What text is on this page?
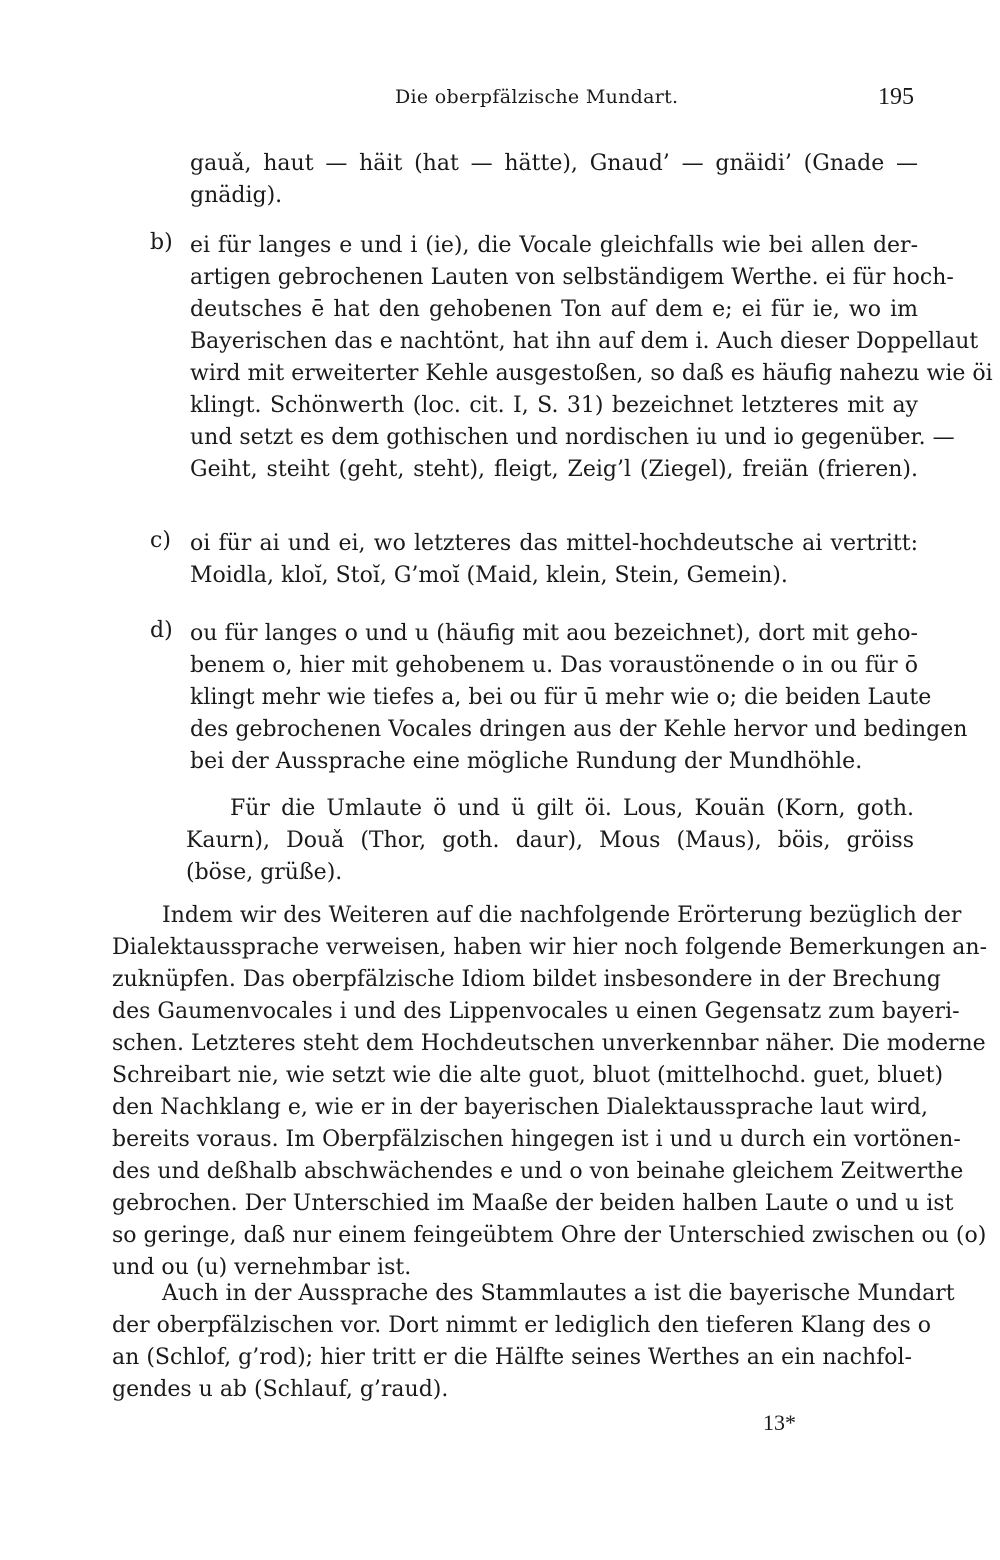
Die oberpfälzische Mundart.	195
gauǎ, haut — häit (hat — hätte), Gnaud’ — gnäidi’ (Gnade —
gnädig).
b) ei für langes e und i (ie), die Vocale gleichfalls wie bei allen der-
artigen gebrochenen Lauten von selbständigem Werthe. ei für hoch-
deutsches ē hat den gehobenen Ton auf dem e; ei für ie, wo im
Bayerischen das e nachtönt, hat ihn auf dem i. Auch dieser Doppellaut
wird mit erweiterter Kehle ausgestoßen, so daß es häufig nahezu wie öi
klingt. Schönwerth (loc. cit. I, S. 31) bezeichnet letzteres mit ay
und setzt es dem gothischen und nordischen iu und io gegenüber. —
Geiht, steiht (geht, steht), fleigt, Zeig’l (Ziegel), freiän (frieren).
c) oi für ai und ei, wo letzteres das mittel-hochdeutsche ai vertritt:
Moidla, kloĭ, Stoĭ, G’moĭ (Maid, klein, Stein, Gemein).
d) ou für langes o und u (häufig mit aou bezeichnet), dort mit geho-
benem o, hier mit gehobenem u. Das voraustönende o in ou für ō
klingt mehr wie tiefes a, bei ou für ū mehr wie o; die beiden Laute
des gebrochenen Vocales dringen aus der Kehle hervor und bedingen
bei der Aussprache eine mögliche Rundung der Mundhöhle.
Für die Umlaute ö und ü gilt öi. Lous, Kouän (Korn, goth.
Kaurn), Douǎ (Thor, goth. daur), Mous (Maus), böis, gröiss
(böse, grüße).
Indem wir des Weiteren auf die nachfolgende Erörterung bezüglich der
Dialektaussprache verweisen, haben wir hier noch folgende Bemerkungen an-
zuknüpfen. Das oberpfälzische Idiom bildet insbesondere in der Brechung
des Gaumenvocales i und des Lippenvocales u einen Gegensatz zum bayeri-
schen. Letzteres steht dem Hochdeutschen unverkennbar näher. Die moderne
Schreibart nie, wie setzt wie die alte guot, bluot (mittelhochd. guet, bluet)
den Nachklang e, wie er in der bayerischen Dialektaussprache laut wird,
bereits voraus. Im Oberpfälzischen hingegen ist i und u durch ein vortönen-
des und deßhalb abschwächendes e und o von beinahe gleichem Zeitwerthe
gebrochen. Der Unterschied im Maaße der beiden halben Laute o und u ist
so geringe, daß nur einem feingeübtem Ohre der Unterschied zwischen ou (o)
und ou (u) vernehmbar ist.
Auch in der Aussprache des Stammlautes a ist die bayerische Mundart
der oberpfälzischen vor. Dort nimmt er lediglich den tieferen Klang des o
an (Schlof, g’rod); hier tritt er die Hälfte seines Werthes an ein nachfol-
gendes u ab (Schlauf, g’raud).
13*
